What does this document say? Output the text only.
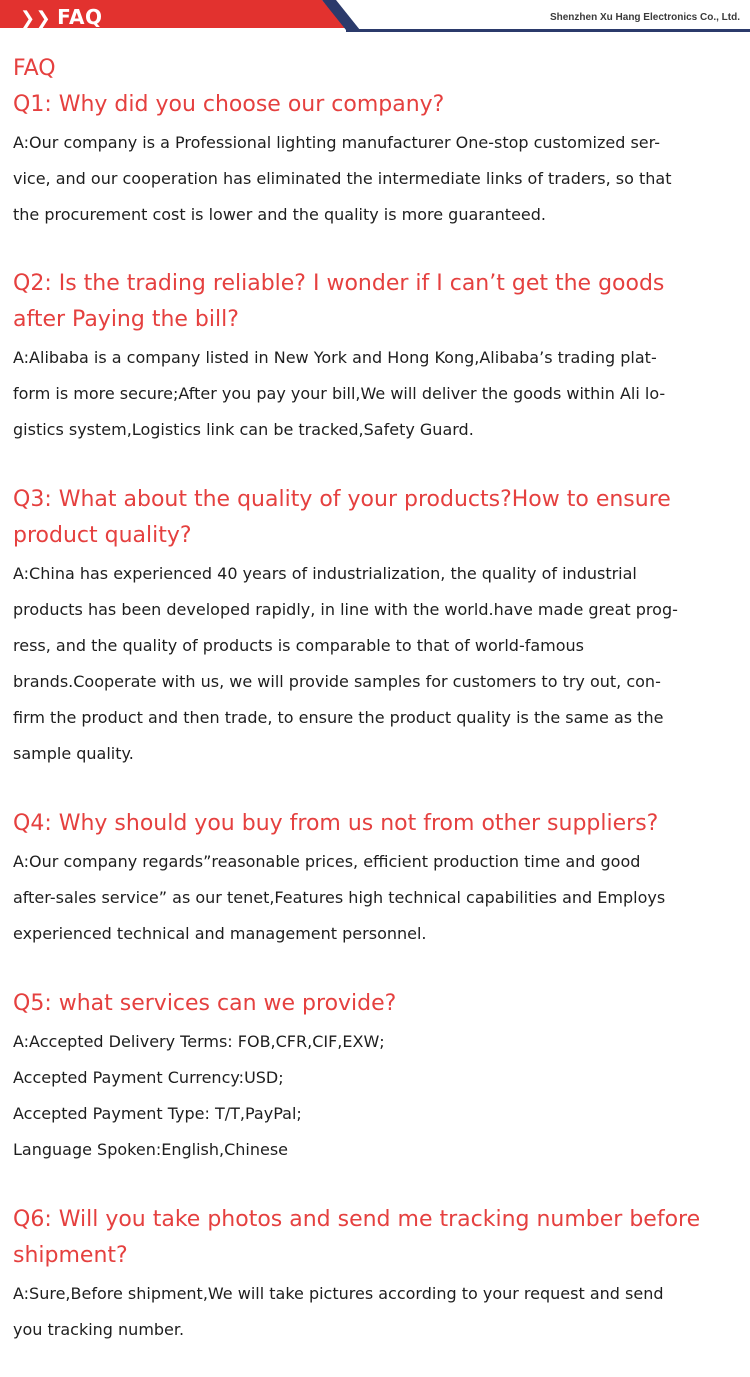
❯❯ FAQ	Shenzhen Xu Hang Electronics Co., Ltd.
FAQ
Q1: Why did you choose our company?
A:Our company is a Professional lighting manufacturer One-stop customized ser-
vice, and our cooperation has eliminated the intermediate links of traders, so that
the procurement cost is lower and the quality is more guaranteed.
Q2: Is the trading reliable? I wonder if I can’t get the goods
after Paying the bill?
A:Alibaba is a company listed in New York and Hong Kong,Alibaba’s trading plat-
form is more secure;After you pay your bill,We will deliver the goods within Ali lo-
gistics system,Logistics link can be tracked,Safety Guard.
Q3: What about the quality of your products?How to ensure
product quality?
A:China has experienced 40 years of industrialization, the quality of industrial
products has been developed rapidly, in line with the world.have made great prog-
ress, and the quality of products is comparable to that of world-famous
brands.Cooperate with us, we will provide samples for customers to try out, con-
firm the product and then trade, to ensure the product quality is the same as the
sample quality.
Q4: Why should you buy from us not from other suppliers?
A:Our company regards”reasonable prices, efficient production time and good
after-sales service” as our tenet,Features high technical capabilities and Employs
experienced technical and management personnel.
Q5: what services can we provide?
A:Accepted Delivery Terms: FOB,CFR,CIF,EXW;
Accepted Payment Currency:USD;
Accepted Payment Type: T/T,PayPal;
Language Spoken:English,Chinese
Q6: Will you take photos and send me tracking number before
shipment?
A:Sure,Before shipment,We will take pictures according to your request and send
you tracking number.
